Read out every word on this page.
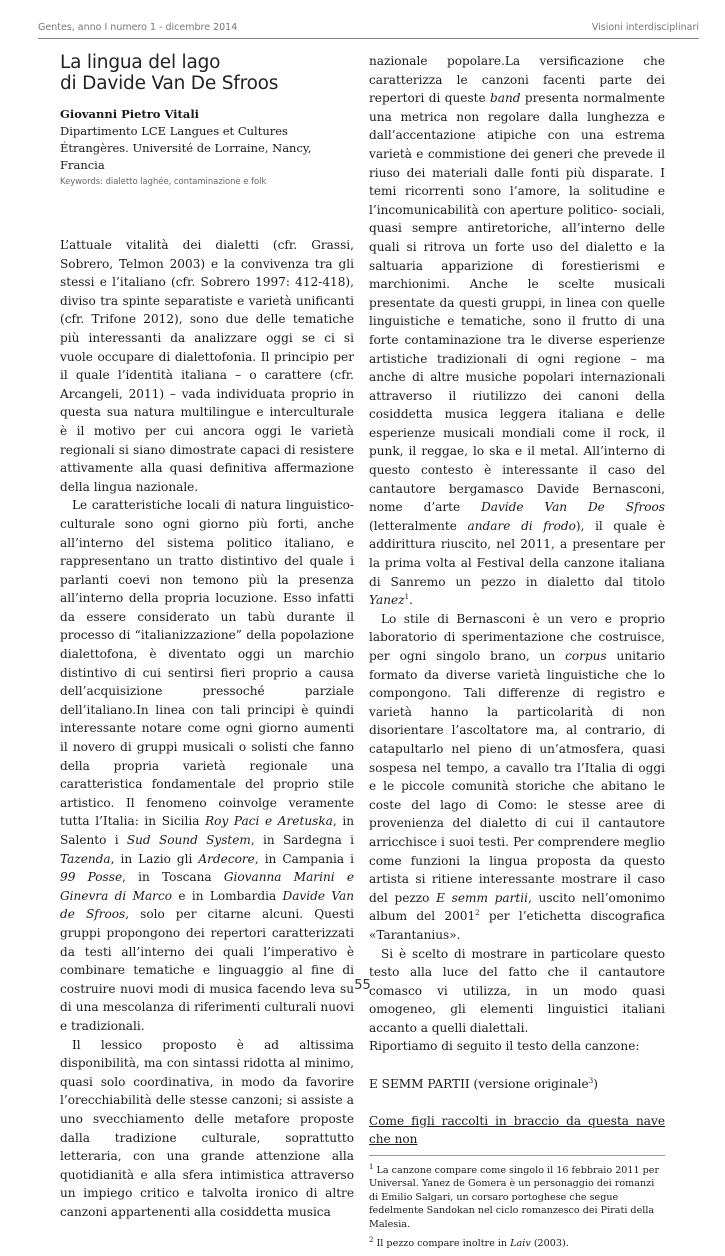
Gentes, anno I numero 1 - dicembre 2014	Visioni interdisciplinari
La lingua del lago
di Davide Van De Sfroos

Giovanni Pietro Vitali

Dipartimento LCE Langues et Cultures Étrangères. Université de Lorraine, Nancy, Francia

Keywords: dialetto laghée, contaminazione e folk

L’attuale vitalità dei dialetti (cfr. Grassi, Sobrero, Telmon 2003) e la convivenza tra gli stessi e l’italiano (cfr. Sobrero 1997: 412-418), diviso tra spinte separatiste e varietà unificanti (cfr. Trifone 2012), sono due delle tematiche più interessanti da analizzare oggi se ci si vuole occupare di dialettofonia. Il principio per il quale l’identità italiana – o carattere (cfr. Arcangeli, 2011) – vada individuata proprio in questa sua natura multilingue e interculturale è il motivo per cui ancora oggi le varietà regionali si siano dimostrate capaci di resistere attivamente alla quasi definitiva affermazione della lingua nazionale.

Le caratteristiche locali di natura linguistico-culturale sono ogni giorno più forti, anche all’interno del sistema politico italiano, e rappresentano un tratto distintivo del quale i parlanti coevi non temono più la presenza all’interno della propria locuzione. Esso infatti da essere considerato un tabù durante il processo di “italianizzazione” della popolazione dialettofona, è diventato oggi un marchio distintivo di cui sentirsi fieri proprio a causa dell’acquisizione pressoché parziale dell’italiano.In linea con tali principi è quindi interessante notare come ogni giorno aumenti il novero di gruppi musicali o solisti che fanno della propria varietà regionale una caratteristica fondamentale del proprio stile artistico. Il fenomeno coinvolge veramente tutta l’Italia: in Sicilia Roy Paci e Aretuska, in Salento i Sud Sound System, in Sardegna i Tazenda, in Lazio gli Ardecore, in Campania i 99 Posse, in Toscana Giovanna Marini e Ginevra di Marco e in Lombardia Davide Van de Sfroos, solo per citarne alcuni. Questi gruppi propongono dei repertori caratterizzati da testi all’interno dei quali l’imperativo è combinare tematiche e linguaggio al fine di costruire nuovi modi di musica facendo leva su di una mescolanza di riferimenti culturali nuovi e tradizionali.

Il lessico proposto è ad altissima disponibilità, ma con sintassi ridotta al minimo, quasi solo coordinativa, in modo da favorire l’orecchiabilità delle stesse canzoni; si assiste a uno svecchiamento delle metafore proposte dalla tradizione culturale, soprattutto letteraria, con una grande attenzione alla quotidianità e alla sfera intimistica attraverso un impiego critico e talvolta ironico di altre canzoni appartenenti alla cosiddetta musica

nazionale popolare.La versificazione che caratterizza le canzoni facenti parte dei repertori di queste band presenta normalmente una metrica non regolare dalla lunghezza e dall’accentazione atipiche con una estrema varietà e commistione dei generi che prevede il riuso dei materiali dalle fonti più disparate. I temi ricorrenti sono l’amore, la solitudine e l’incomunicabilità con aperture politico- sociali, quasi sempre antiretoriche, all’interno delle quali si ritrova un forte uso del dialetto e la saltuaria apparizione di forestierismi e marchionimi. Anche le scelte musicali presentate da questi gruppi, in linea con quelle linguistiche e tematiche, sono il frutto di una forte contaminazione tra le diverse esperienze artistiche tradizionali di ogni regione – ma anche di altre musiche popolari internazionali attraverso il riutilizzo dei canoni della cosiddetta musica leggera italiana e delle esperienze musicali mondiali come il rock, il punk, il reggae, lo ska e il metal. All’interno di questo contesto è interessante il caso del cantautore bergamasco Davide Bernasconi, nome d’arte Davide Van De Sfroos (letteralmente andare di frodo), il quale è addirittura riuscito, nel 2011, a presentare per la prima volta al Festival della canzone italiana di Sanremo un pezzo in dialetto dal titolo Yanez$^1$.

Lo stile di Bernasconi è un vero e proprio laboratorio di sperimentazione che costruisce, per ogni singolo brano, un corpus unitario formato da diverse varietà linguistiche che lo compongono. Tali differenze di registro e varietà hanno la particolarità di non disorientare l’ascoltatore ma, al contrario, di catapultarlo nel pieno di un’atmosfera, quasi sospesa nel tempo, a cavallo tra l’Italia di oggi e le piccole comunità storiche che abitano le coste del lago di Como: le stesse aree di provenienza del dialetto di cui il cantautore arricchisce i suoi testi. Per comprendere meglio come funzioni la lingua proposta da questo artista si ritiene interessante mostrare il caso del pezzo E semm partii, uscito nell’omonimo album del 2001$^2$ per l’etichetta discografica «Tarantanius».

Si è scelto di mostrare in particolare questo testo alla luce del fatto che il cantautore comasco vi utilizza, in un modo quasi omogeneo, gli elementi linguistici italiani accanto a quelli dialettali.

Riportiamo di seguito il testo della canzone:

E SEMM PARTII (versione originale$^3$)

Come figli raccolti in braccio da questa nave che non

$^1$ La canzone compare come singolo il 16 febbraio 2011 per Universal. Yanez de Gomera è un personaggio dei romanzi di Emilio Salgari, un corsaro portoghese che segue fedelmente Sandokan nel ciclo romanzesco dei Pirati della Malesia.

$^2$ Il pezzo compare inoltre in Laiv (2003).

55
